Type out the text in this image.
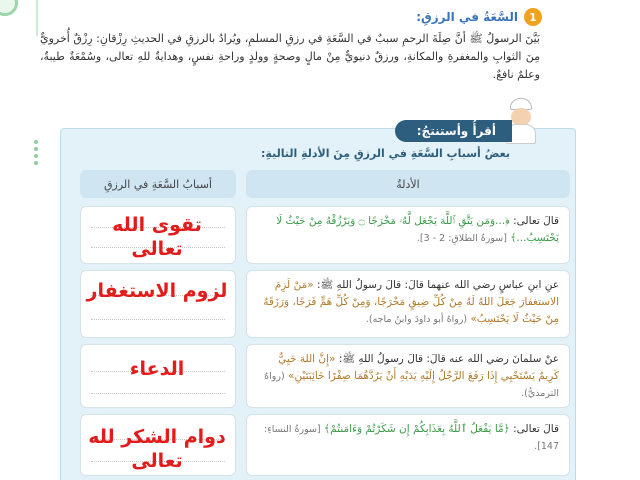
1
السَّعَةُ في الرزقِ:

بَيَّنَ الرسولُ ﷺ أنَّ صِلَةَ الرحمِ سببٌ في السَّعَةِ في رزقِ المسلمِ، ويُرادُ بالرزقِ في الحديثِ رِزْقانِ: رِزْقٌ أُخرويٌّ مِنَ الثوابِ والمغفرةِ والمكانةِ، ورزقٌ دنيويٌّ مِنْ مالٍ وصحةٍ وولدٍ وراحةِ نفسٍ، وهدايةٌ للهِ تعالى، وسُمْعَةٌ طيبةٌ، وعلمٌ نافعٌ.

أقرأُ وأستنتجُ:
بعضُ أسبابِ السَّعَةِ في الرزقِ مِنَ الأدلةِ التاليةِ:
الأدلةُ
أسبابُ السَّعَةِ في الرزقِ
قالَ تعالى: ﴿...وَمَن يَتَّقِ ٱللَّهَ يَجْعَل لَّهُۥ مَخْرَجًا ۝ وَيَرْزُقْهُ مِنْ حَيْثُ لَا يَحْتَسِبُ...﴾ [سورةُ الطلاقِ: 2 - 3].
تقوى الله تعالى
عنِ ابنِ عباسٍ رضي الله عنهما قالَ: قالَ رسولُ اللهِ ﷺ: «مَنْ لَزِمَ الاستغفارَ جَعَلَ اللهُ لَهُ مِنْ كُلِّ ضِيقٍ مَخْرَجًا، وَمِنْ كُلِّ هَمٍّ فَرَجًا، وَرَزَقَهُ مِنْ حَيْثُ لَا يَحْتَسِبُ» (رواهُ أبو داودَ وابنُ ماجه).
لزوم الاستغفار
عنْ سلمانَ رضي الله عنه قالَ: قالَ رسولُ اللهِ ﷺ: «إِنَّ اللهَ حَيِيٌّ كَرِيمٌ يَسْتَحْيِي إِذَا رَفَعَ الرَّجُلُ إِلَيْهِ يَدَيْهِ أَنْ يَرُدَّهُمَا صِفْرًا خَائِبَتَيْنِ» (رواهُ الترمذيُّ).
الدعاء
قالَ تعالى: ﴿مَّا يَفْعَلُ ٱللَّهُ بِعَذَابِكُمْ إِن شَكَرْتُمْ وَءَامَنتُمْ﴾ [سورةُ النساءِ: 147].
دوام الشكر لله تعالى
